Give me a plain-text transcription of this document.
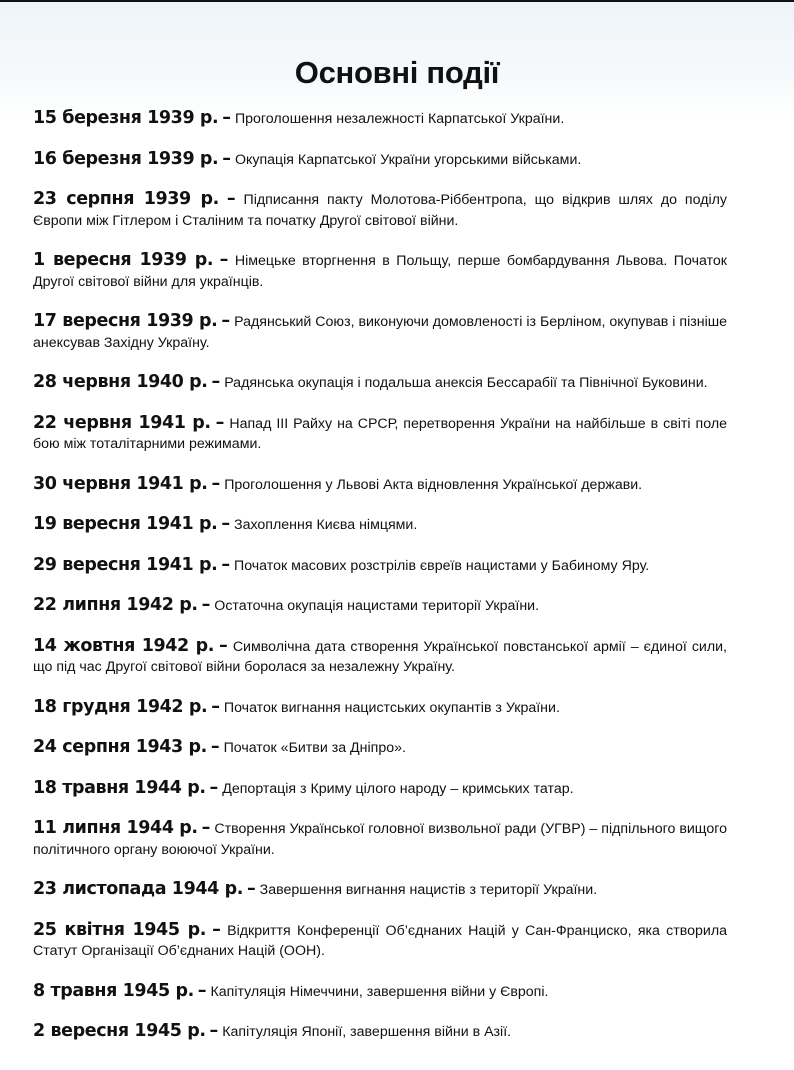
Основні події
15 березня 1939 р. – Проголошення незалежності Карпатської України.
16 березня 1939 р. – Окупація Карпатської України угорськими військами.
23 серпня 1939 р. – Підписання пакту Молотова-Ріббентропа, що відкрив шлях до поділу Європи між Гітлером і Сталіним та початку Другої світової війни.
1 вересня 1939 р. – Німецьке вторгнення в Польщу, перше бомбардування Львова. Початок Другої світової війни для українців.
17 вересня 1939 р. – Радянський Союз, виконуючи домовленості із Берліном, окупував і пізніше анексував Західну Україну.
28 червня 1940 р. – Радянська окупація і подальша анексія Бессарабії та Північної Буковини.
22 червня 1941 р. – Напад ІІІ Райху на СРСР, перетворення України на найбільше в світі поле бою між тоталітарними режимами.
30 червня 1941 р. – Проголошення у Львові Акта відновлення Української держави.
19 вересня 1941 р. – Захоплення Києва німцями.
29 вересня 1941 р. – Початок масових розстрілів євреїв нацистами у Бабиному Яру.
22 липня 1942 р. – Остаточна окупація нацистами території України.
14 жовтня 1942 р. – Символічна дата створення Української повстанської армії – єдиної сили, що під час Другої світової війни боролася за незалежну Україну.
18 грудня 1942 р. – Початок вигнання нацистських окупантів з України.
24 серпня 1943 р. – Початок «Битви за Дніпро».
18 травня 1944 р. – Депортація з Криму цілого народу – кримських татар.
11 липня 1944 р. – Створення Української головної визвольної ради (УГВР) – підпільного вищого політичного органу воюючої України.
23 листопада 1944 р. – Завершення вигнання нацистів з території України.
25 квітня 1945 р. – Відкриття Конференції Об’єднаних Націй у Сан-Франциско, яка створила Статут Організації Об’єднаних Націй (ООН).
8 травня 1945 р. – Капітуляція Німеччини, завершення війни у Європі.
2 вересня 1945 р. – Капітуляція Японії, завершення війни в Азії.
